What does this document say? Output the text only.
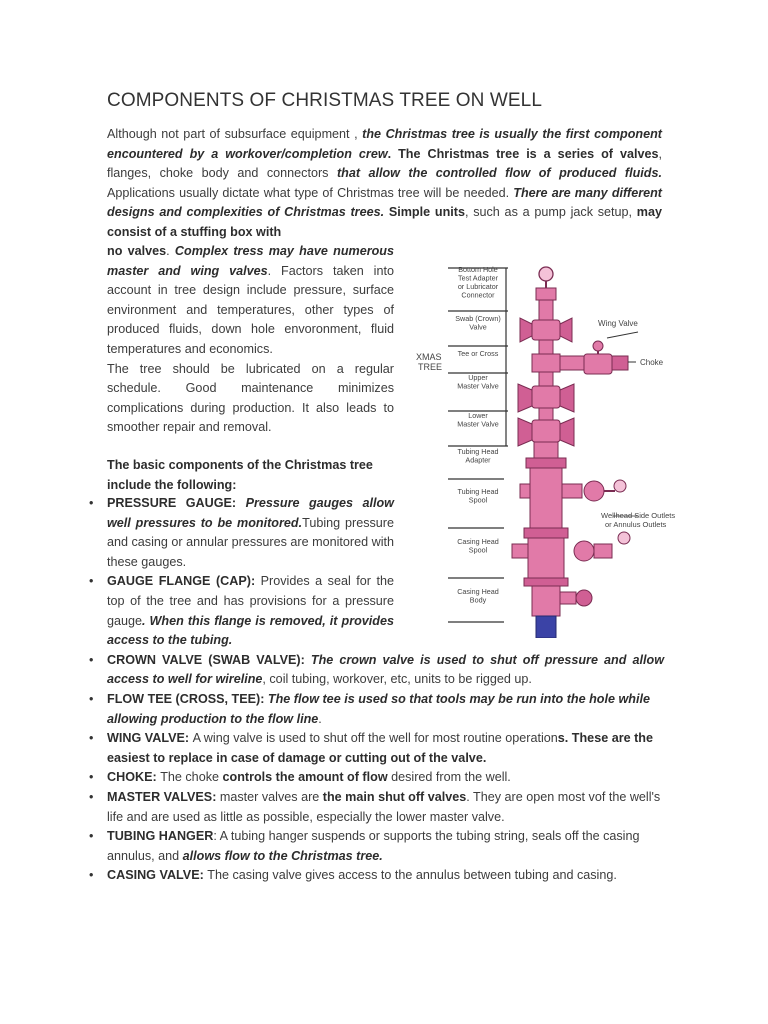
COMPONENTS OF CHRISTMAS TREE ON WELL
Although not part of subsurface equipment , the Christmas tree is usually the first component encountered by a workover/completion crew. The Christmas tree is a series of valves, flanges, choke body and connectors that allow the controlled flow of produced fluids. Applications usually dictate what type of Christmas tree will be needed. There are many different designs and complexities of Christmas trees. Simple units, such as a pump jack setup, may consist of a stuffing box with
no valves. Complex tress may have numerous master and wing valves. Factors taken into account in tree design include pressure, surface environment and temperatures, other types of produced fluids, down hole envoronment, fluid temperatures and economics.
The tree should be lubricated on a regular schedule. Good maintenance minimizes complications during production. It also leads to smoother repair and removal.
The basic components of the Christmas tree include the following:
• PRESSURE GAUGE: Pressure gauges allow well pressures to be monitored.Tubing pressure and casing or annular pressures are monitored with these gauges.
• GAUGE FLANGE (CAP): Provides a seal for the top of the tree and has provisions for a pressure gauge. When this flange is removed, it provides access to the tubing.
• CROWN VALVE (SWAB VALVE): The crown valve is used to shut off pressure and allow access to well for wireline, coil tubing, workover, etc, units to be rigged up.
• FLOW TEE (CROSS, TEE): The flow tee is used so that tools may be run into the hole while allowing production to the flow line.
• WING VALVE: A wing valve is used to shut off the well for most routine operations. These are the easiest to replace in case of damage or cutting out of the valve.
• CHOKE: The choke controls the amount of flow desired from the well.
• MASTER VALVES: master valves are the main shut off valves. They are open most vof the well's life and are used as little as possible, especially the lower master valve.
• TUBING HANGER: A tubing hanger suspends or supports the tubing string, seals off the casing annulus, and allows flow to the Christmas tree.
• CASING VALVE: The casing valve gives access to the annulus between tubing and casing.
XMAS
TREE
Bottom Hole
Test Adapter
or Lubricator
Connector
Swab (Crown)
Valve
Tee or Cross
Upper
Master Valve
Lower
Master Valve
Tubing Head
Adapter
Tubing Head
Spool
Casing Head
Spool
Casing Head
Body
Wing Valve
Choke
Wellhead Side Outlets
or Annulus Outlets
